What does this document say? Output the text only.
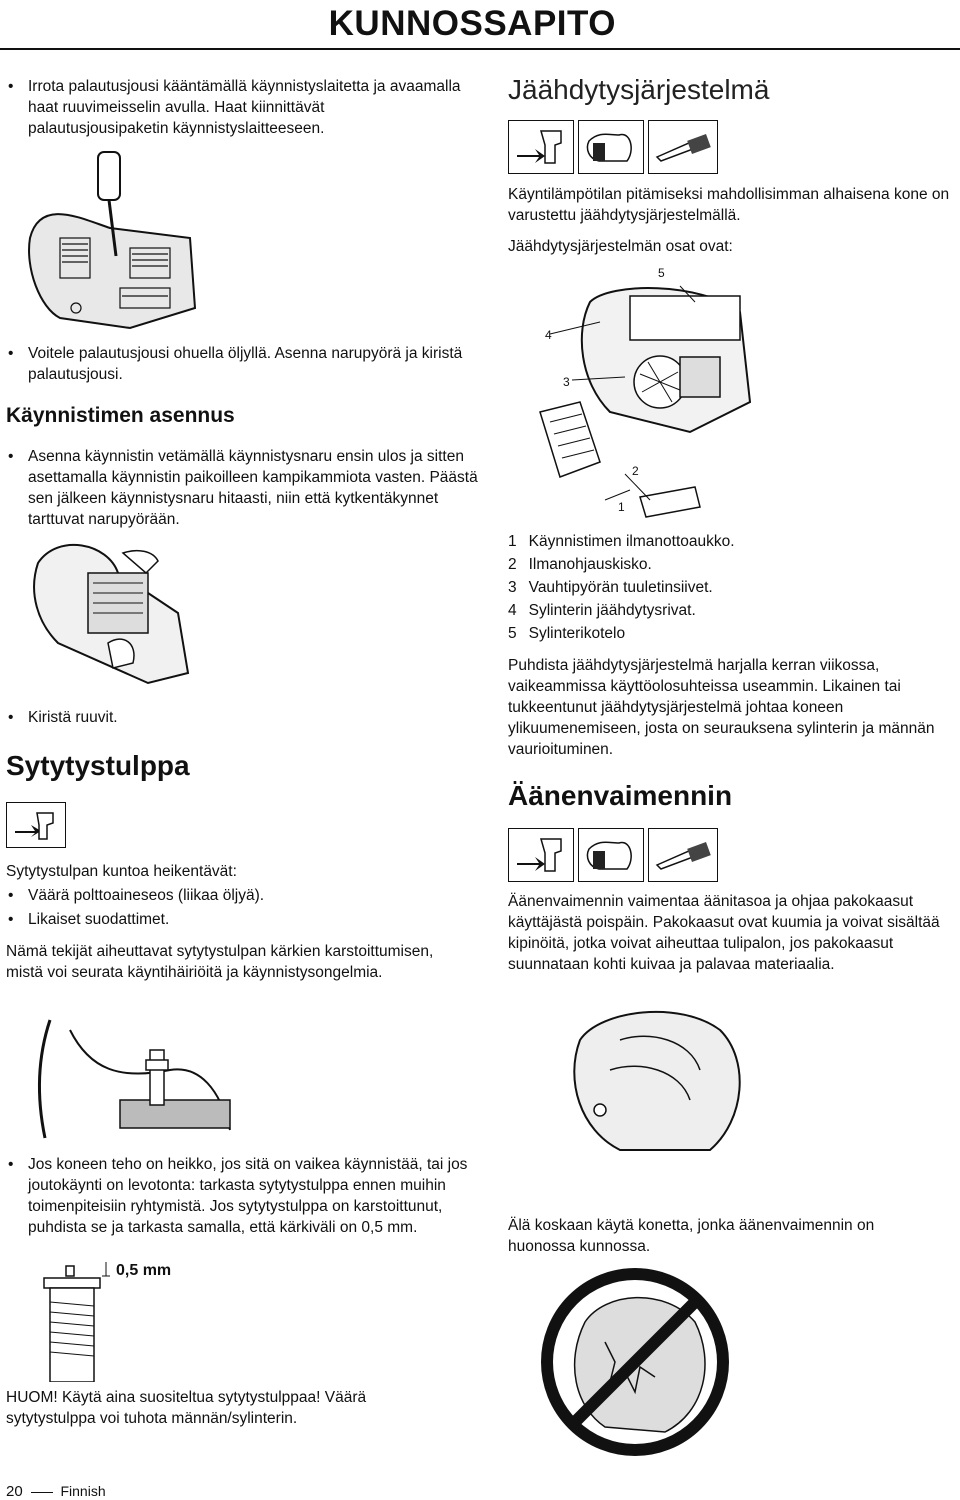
KUNNOSSAPITO
• Irrota palautusjousi kääntämällä käynnistyslaitetta ja avaamalla haat ruuvimeisselin avulla. Haat kiinnittävät palautusjousipaketin käynnistyslaitteeseen.
• Voitele palautusjousi ohuella öljyllä. Asenna narupyörä ja kiristä palautusjousi.
Käynnistimen asennus
• Asenna käynnistin vetämällä käynnistysnaru ensin ulos ja sitten asettamalla käynnistin paikoilleen kampikammiota vasten. Päästä sen jälkeen käynnistysnaru hitaasti, niin että kytkentäkynnet tarttuvat narupyörään.
• Kiristä ruuvit.
Sytytystulppa
Sytytystulpan kuntoa heikentävät:
• Väärä polttoaineseos (liikaa öljyä).
• Likaiset suodattimet.
Nämä tekijät aiheuttavat sytytystulpan kärkien karstoittumisen, mistä voi seurata käyntihäiriöitä ja käynnistysongelmia.
• Jos koneen teho on heikko, jos sitä on vaikea käynnistää, tai jos joutokäynti on levotonta: tarkasta sytytystulppa ennen muihin toimenpiteisiin ryhtymistä. Jos sytytystulppa on karstoittunut, puhdista se ja tarkasta samalla, että kärkiväli on 0,5 mm.
0,5 mm
HUOM! Käytä aina suositeltua sytytystulppaa! Väärä sytytystulppa voi tuhota männän/sylinterin.
Jäähdytysjärjestelmä
Käyntilämpötilan pitämiseksi mahdollisimman alhaisena kone on varustettu jäähdytysjärjestelmällä.
Jäähdytysjärjestelmän osat ovat:
1
2
3
4
5
1 Käynnistimen ilmanottoaukko.
2 Ilmanohjauskisko.
3 Vauhtipyörän tuuletinsiivet.
4 Sylinterin jäähdytysrivat.
5 Sylinterikotelo
Puhdista jäähdytysjärjestelmä harjalla kerran viikossa, vaikeammissa käyttöolosuhteissa useammin. Likainen tai tukkeentunut jäähdytysjärjestelmä johtaa koneen ylikuumenemiseen, josta on seurauksena sylinterin ja männän vaurioituminen.
Äänenvaimennin
Äänenvaimennin vaimentaa äänitasoa ja ohjaa pakokaasut käyttäjästä poispäin. Pakokaasut ovat kuumia ja voivat sisältää kipinöitä, jotka voivat aiheuttaa tulipalon, jos pakokaasut suunnataan kohti kuivaa ja palavaa materiaalia.
Älä koskaan käytä konetta, jonka äänenvaimennin on huonossa kunnossa.
20	Finnish
